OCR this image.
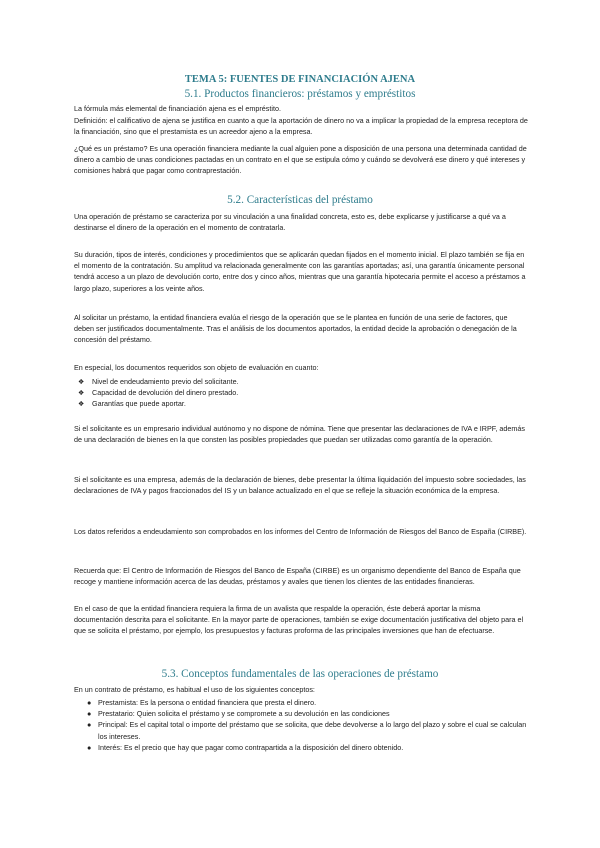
TEMA 5: FUENTES DE FINANCIACIÓN AJENA
5.1. Productos financieros: préstamos y empréstitos

La fórmula más elemental de financiación ajena es el empréstito.

Definición: el calificativo de ajena se justifica en cuanto a que la aportación de dinero no va a implicar la propiedad de la empresa receptora de la financiación, sino que el prestamista es un acreedor ajeno a la empresa.

¿Qué es un préstamo? Es una operación financiera mediante la cual alguien pone a disposición de una persona una determinada cantidad de dinero a cambio de unas condiciones pactadas en un contrato en el que se estipula cómo y cuándo se devolverá ese dinero y qué intereses y comisiones habrá que pagar como contraprestación.

5.2. Características del préstamo

Una operación de préstamo se caracteriza por su vinculación a una finalidad concreta, esto es, debe explicarse y justificarse a qué va a destinarse el dinero de la operación en el momento de contratarla.

Su duración, tipos de interés, condiciones y procedimientos que se aplicarán quedan fijados en el momento inicial. El plazo también se fija en el momento de la contratación. Su amplitud va relacionada generalmente con las garantías aportadas; así, una garantía únicamente personal tendrá acceso a un plazo de devolución corto, entre dos y cinco años, mientras que una garantía hipotecaria permite el acceso a préstamos a largo plazo, superiores a los veinte años.

Al solicitar un préstamo, la entidad financiera evalúa el riesgo de la operación que se le plantea en función de una serie de factores, que deben ser justificados documentalmente. Tras el análisis de los documentos aportados, la entidad decide la aprobación o denegación de la concesión del préstamo.

En especial, los documentos requeridos son objeto de evaluación en cuanto:

❖ Nivel de endeudamiento previo del solicitante.
❖ Capacidad de devolución del dinero prestado.
❖ Garantías que puede aportar.

Si el solicitante es un empresario individual autónomo y no dispone de nómina. Tiene que presentar las declaraciones de IVA e IRPF, además de una declaración de bienes en la que consten las posibles propiedades que puedan ser utilizadas como garantía de la operación.

Si el solicitante es una empresa, además de la declaración de bienes, debe presentar la última liquidación del impuesto sobre sociedades, las declaraciones de IVA y pagos fraccionados del IS y un balance actualizado en el que se refleje la situación económica de la empresa.

Los datos referidos a endeudamiento son comprobados en los informes del Centro de Información de Riesgos del Banco de España (CIRBE).

Recuerda que: El Centro de Información de Riesgos del Banco de España (CIRBE) es un organismo dependiente del Banco de España que recoge y mantiene información acerca de las deudas, préstamos y avales que tienen los clientes de las entidades financieras.

En el caso de que la entidad financiera requiera la firma de un avalista que respalde la operación, éste deberá aportar la misma documentación descrita para el solicitante. En la mayor parte de operaciones, también se exige documentación justificativa del objeto para el que se solicita el préstamo, por ejemplo, los presupuestos y facturas proforma de las principales inversiones que han de efectuarse.

5.3. Conceptos fundamentales de las operaciones de préstamo

En un contrato de préstamo, es habitual el uso de los siguientes conceptos:

● Prestamista: Es la persona o entidad financiera que presta el dinero.
● Prestatario: Quien solicita el préstamo y se compromete a su devolución en las condiciones
● Principal: Es el capital total o importe del préstamo que se solicita, que debe devolverse a lo largo del plazo y sobre el cual se calculan los intereses.
● Interés: Es el precio que hay que pagar como contrapartida a la disposición del dinero obtenido.
